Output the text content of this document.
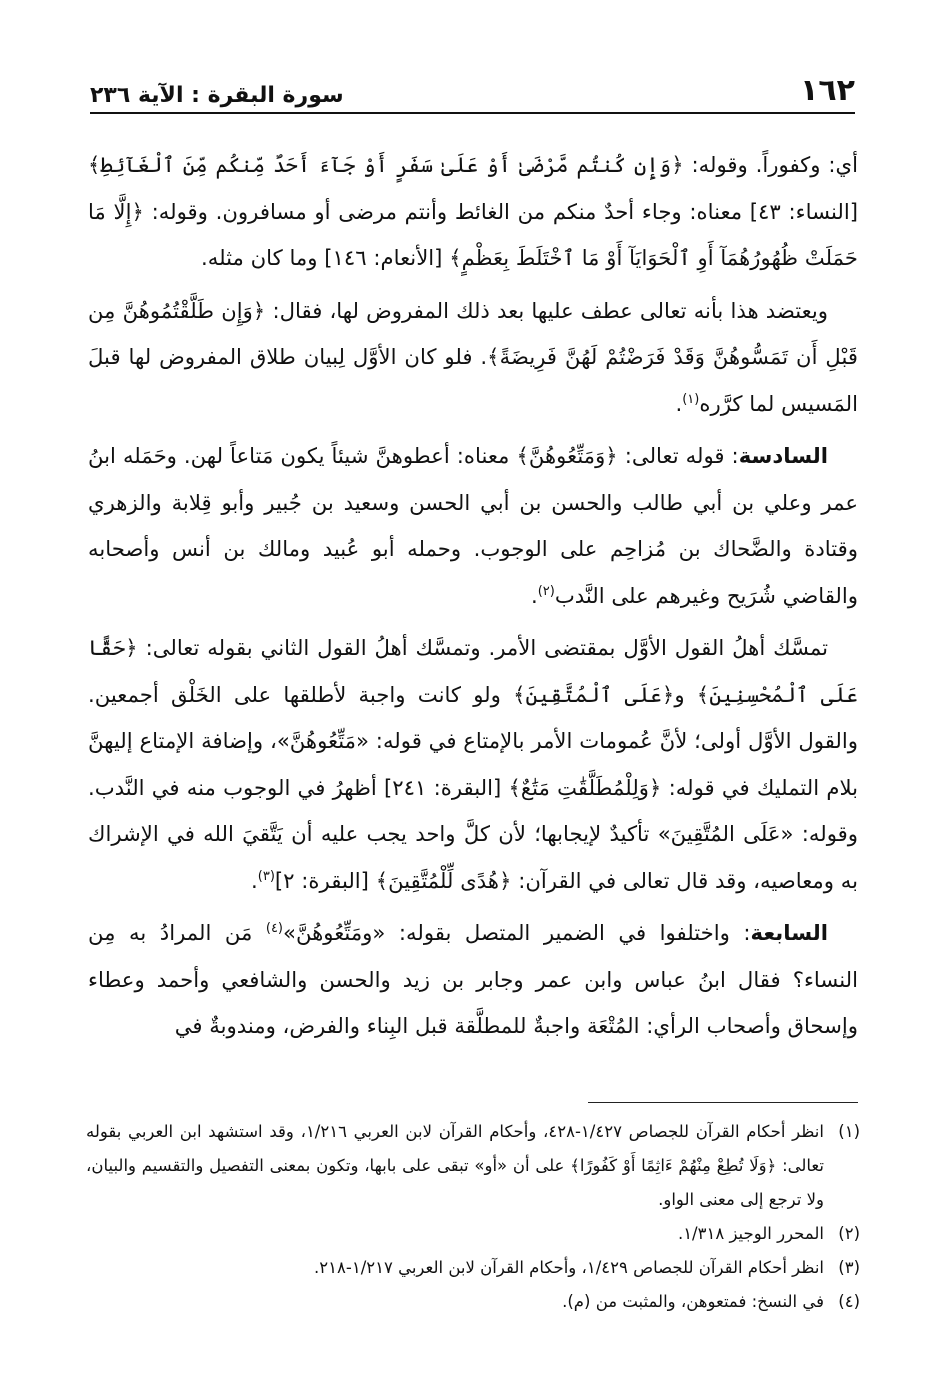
١٦٢
سورة البقرة : الآية ٢٣٦

أي: وكفوراً. وقوله: ﴿وَإِن كُنتُم مَّرْضَىٰ أَوْ عَلَىٰ سَفَرٍ أَوْ جَآءَ أَحَدٌ مِّنكُم مِّنَ ٱلْغَآئِطِ﴾ [النساء: ٤٣] معناه: وجاء أحدٌ منكم من الغائط وأنتم مرضى أو مسافرون. وقوله: ﴿إِلَّا مَا حَمَلَتْ ظُهُورُهُمَآ أَوِ ٱلْحَوَايَآ أَوْ مَا ٱخْتَلَطَ بِعَظْمٍ﴾ [الأنعام: ١٤٦] وما كان مثله.

ويعتضد هذا بأنه تعالى عطف عليها بعد ذلك المفروض لها، فقال: ﴿وَإِن طَلَّقْتُمُوهُنَّ مِن قَبْلِ أَن تَمَسُّوهُنَّ وَقَدْ فَرَضْتُمْ لَهُنَّ فَرِيضَةً﴾. فلو كان الأوَّل لِبيان طلاق المفروض لها قبلَ المَسيس لما كرَّره$^{(١)}$.

السادسة: قوله تعالى: ﴿وَمَتِّعُوهُنَّ﴾ معناه: أعطوهنَّ شيئاً يكون مَتاعاً لهن. وحَمَله ابنُ عمر وعلي بن أبي طالب والحسن بن أبي الحسن وسعيد بن جُبير وأبو قِلابة والزهري وقتادة والضَّحاك بن مُزاحِم على الوجوب. وحمله أبو عُبيد ومالك بن أنس وأصحابه والقاضي شُرَيح وغيرهم على النَّدب$^{(٢)}$.

تمسَّك أهلُ القول الأوَّل بمقتضى الأمر. وتمسَّك أهلُ القول الثاني بقوله تعالى: ﴿حَقًّا عَلَى ٱلْمُحْسِنِينَ﴾ و﴿عَلَى ٱلْمُتَّقِينَ﴾ ولو كانت واجبة لأطلقها على الخَلْق أجمعين. والقول الأوَّل أولى؛ لأنَّ عُمومات الأمر بالإمتاع في قوله: «مَتِّعُوهُنَّ»، وإضافة الإمتاع إليهنَّ بلام التمليك في قوله: ﴿وَلِلْمُطَلَّقَٰتِ مَتَٰعٌ﴾ [البقرة: ٢٤١] أظهرُ في الوجوب منه في النَّدب. وقوله: «عَلَى المُتَّقِينَ» تأكيدٌ لإيجابها؛ لأن كلَّ واحد يجب عليه أن يَتَّقيَ الله في الإشراك به ومعاصيه، وقد قال تعالى في القرآن: ﴿هُدًى لِّلْمُتَّقِينَ﴾ [البقرة: ٢]$^{(٣)}$.

السابعة: واختلفوا في الضمير المتصل بقوله: «ومَتِّعُوهُنَّ»$^{(٤)}$ مَن المرادُ به مِن النساء؟ فقال ابنُ عباس وابن عمر وجابر بن زيد والحسن والشافعي وأحمد وعطاء وإسحاق وأصحاب الرأي: المُتْعَة واجبةٌ للمطلَّقة قبل البِناء والفرض، ومندوبةٌ في

(١)
انظر أحكام القرآن للجصاص ١/٤٢٧-٤٢٨، وأحكام القرآن لابن العربي ١/٢١٦، وقد استشهد ابن العربي بقوله تعالى: ﴿وَلَا تُطِعْ مِنْهُمْ ءَاثِمًا أَوْ كَفُورًا﴾ على أن «أو» تبقى على بابها، وتكون بمعنى التفصيل والتقسيم والبيان، ولا ترجع إلى معنى الواو.
(٢)
المحرر الوجيز ١/٣١٨.
(٣)
انظر أحكام القرآن للجصاص ١/٤٢٩، وأحكام القرآن لابن العربي ١/٢١٧-٢١٨.
(٤)
في النسخ: فمتعوهن، والمثبت من (م).
